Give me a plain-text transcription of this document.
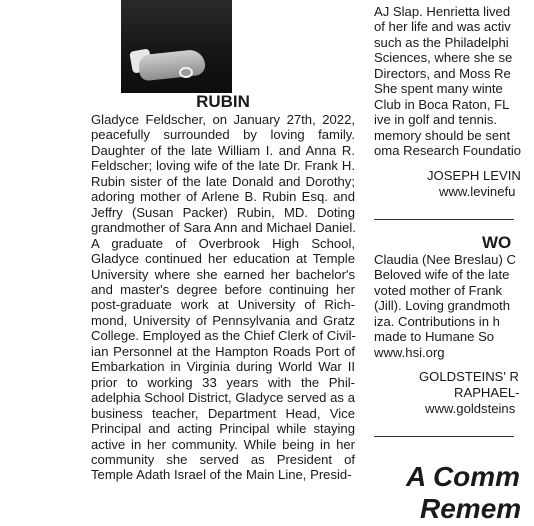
RUBIN
Gladyce Feldscher, on January 27th, 2022,
peacefully surrounded by loving family.
Daughter of the late William I. and Anna R.
Feldscher; loving wife of the late Dr. Frank H.
Rubin sister of the late Donald and Dorothy;
adoring mother of Arlene B. Rubin Esq. and
Jeffry (Susan Packer) Rubin, MD. Doting
grandmother of Sara Ann and Michael Daniel.
A graduate of Overbrook High School,
Gladyce continued her education at Temple
University where she earned her bachelor's
and master's degree before continuing her
post-graduate work at University of Rich-
mond, University of Pennsylvania and Gratz
College. Employed as the Chief Clerk of Civil-
ian Personnel at the Hampton Roads Port of
Embarkation in Virginia during World War II
prior to working 33 years with the Phil-
adelphia School District, Gladyce served as a
business teacher, Department Head, Vice
Principal and acting Principal while staying
active in her community. While being in her
community she served as President of
Temple Adath Israel of the Main Line, Presid-
AJ Slap. Henrietta lived
of her life and was activ
such as the Philadelphi
Sciences, where she se
Directors, and Moss Re
She spent many winte
Club in Boca Raton, FL
ive in golf and tennis.
memory should be sent
oma Research Foundatio
JOSEPH LEVIN
www.levinefu
WO
Claudia (Nee Breslau) C
Beloved wife of the late
voted mother of Frank
(Jill). Loving grandmoth
iza. Contributions in h
made to Humane So
www.hsi.org
GOLDSTEINS' R
RAPHAEL-
www.goldsteins
A Comm
Remem
